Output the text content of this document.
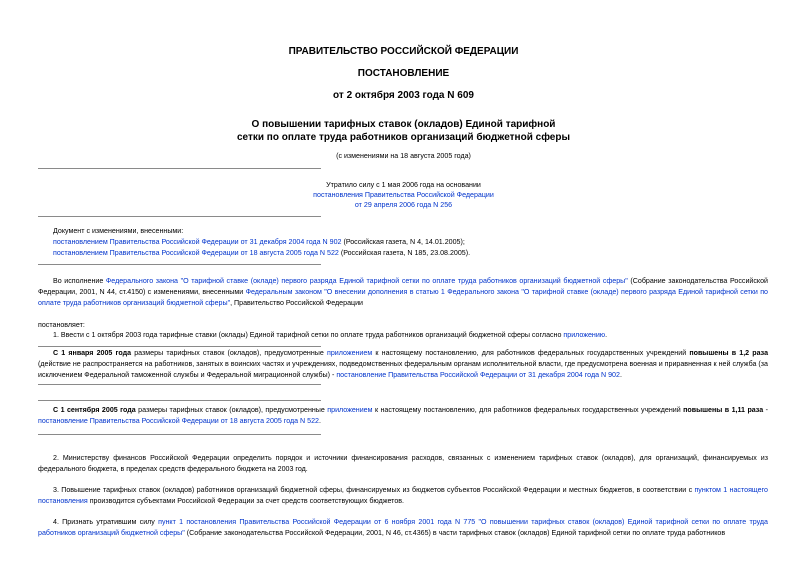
ПРАВИТЕЛЬСТВО РОССИЙСКОЙ ФЕДЕРАЦИИ
ПОСТАНОВЛЕНИЕ
от 2 октября 2003 года N 609
О повышении тарифных ставок (окладов) Единой тарифной
сетки по оплате труда работников организаций бюджетной сферы
(с изменениями на 18 августа 2005 года)
Утратило силу с 1 мая 2006 года на основании
постановления Правительства Российской Федерации
от 29 апреля 2006 года N 256
Документ с изменениями, внесенными:
постановлением Правительства Российской Федерации от 31 декабря 2004 года N 902 (Российская газета, N 4, 14.01.2005);
постановлением Правительства Российской Федерации от 18 августа 2005 года N 522 (Российская газета, N 185, 23.08.2005).
Во исполнение Федерального закона "О тарифной ставке (окладе) первого разряда Единой тарифной сетки по оплате труда работников организаций бюджетной сферы" (Собрание законодательства Российской Федерации, 2001, N 44, ст.4150) с изменениями, внесенными Федеральным законом "О внесении дополнения в статью 1 Федерального закона "О тарифной ставке (окладе) первого разряда Единой тарифной сетки по оплате труда работников организаций бюджетной сферы", Правительство Российской Федерации
постановляет:
1. Ввести с 1 октября 2003 года тарифные ставки (оклады) Единой тарифной сетки по оплате труда работников организаций бюджетной сферы согласно приложению.
С 1 января 2005 года размеры тарифных ставок (окладов), предусмотренные приложением к настоящему постановлению, для работников федеральных государственных учреждений повышены в 1,2 раза (действие не распространяется на работников, занятых в воинских частях и учреждениях, подведомственных федеральным органам исполнительной власти, где предусмотрена военная и приравненная к ней служба (за исключением Федеральной таможенной службы и Федеральной миграционной службы) - постановление Правительства Российской Федерации от 31 декабря 2004 года N 902.
С 1 сентября 2005 года размеры тарифных ставок (окладов), предусмотренные приложением к настоящему постановлению, для работников федеральных государственных учреждений повышены в 1,11 раза - постановление Правительства Российской Федерации от 18 августа 2005 года N 522.
2. Министерству финансов Российской Федерации определить порядок и источники финансирования расходов, связанных с изменением тарифных ставок (окладов), для организаций, финансируемых из федерального бюджета, в пределах средств федерального бюджета на 2003 год.
3. Повышение тарифных ставок (окладов) работников организаций бюджетной сферы, финансируемых из бюджетов субъектов Российской Федерации и местных бюджетов, в соответствии с пунктом 1 настоящего постановления производится субъектами Российской Федерации за счет средств соответствующих бюджетов.
4. Признать утратившим силу пункт 1 постановления Правительства Российской Федерации от 6 ноября 2001 года N 775 "О повышении тарифных ставок (окладов) Единой тарифной сетки по оплате труда работников организаций бюджетной сферы" (Собрание законодательства Российской Федерации, 2001, N 46, ст.4365) в части тарифных ставок (окладов) Единой тарифной сетки по оплате труда работников
